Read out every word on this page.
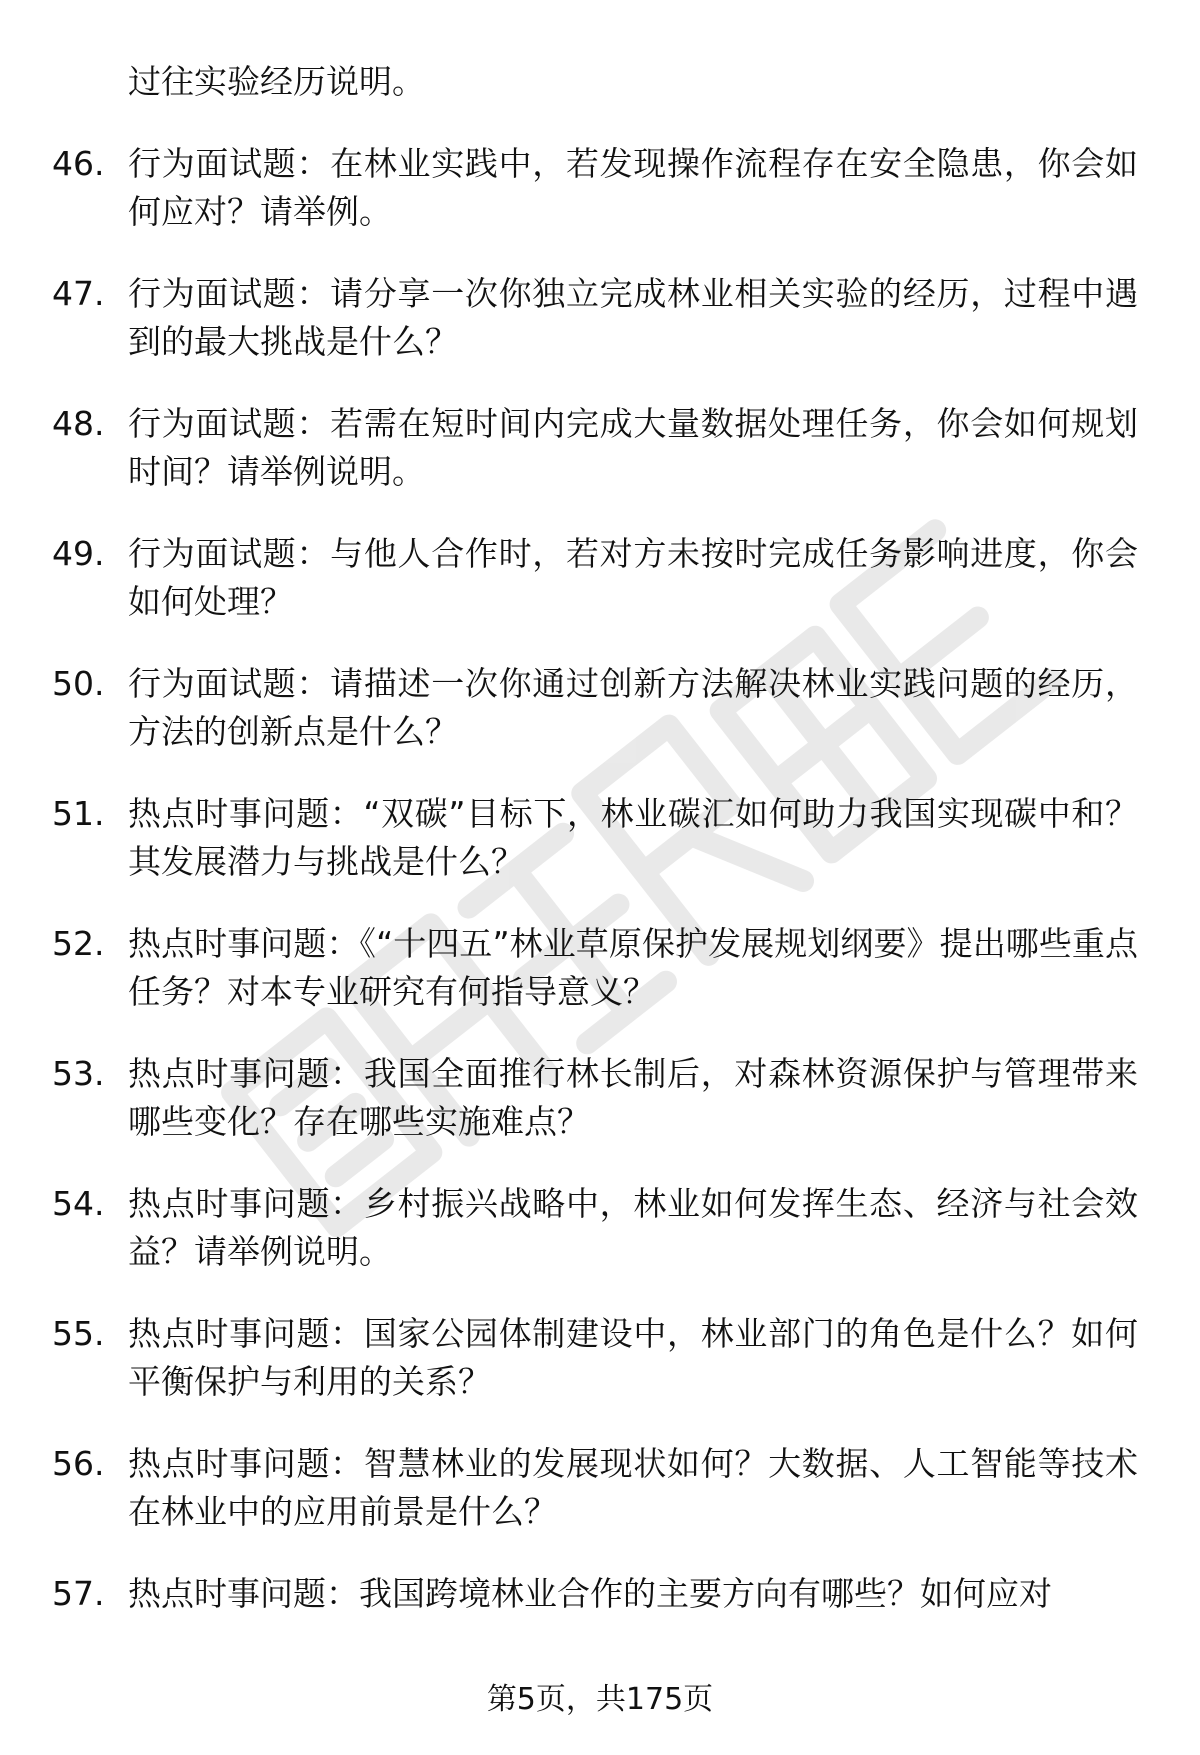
过往实验经历说明。
46. 行为面试题：在林业实践中，若发现操作流程存在安全隐患，你会如何应对？请举例。
47. 行为面试题：请分享一次你独立完成林业相关实验的经历，过程中遇到的最大挑战是什么？
48. 行为面试题：若需在短时间内完成大量数据处理任务，你会如何规划时间？请举例说明。
49. 行为面试题：与他人合作时，若对方未按时完成任务影响进度，你会如何处理？
50. 行为面试题：请描述一次你通过创新方法解决林业实践问题的经历，方法的创新点是什么？
51. 热点时事问题：“双碳”目标下，林业碳汇如何助力我国实现碳中和？其发展潜力与挑战是什么？
52. 热点时事问题：《“十四五”林业草原保护发展规划纲要》提出哪些重点任务？对本专业研究有何指导意义？
53. 热点时事问题：我国全面推行林长制后，对森林资源保护与管理带来哪些变化？存在哪些实施难点？
54. 热点时事问题：乡村振兴战略中，林业如何发挥生态、经济与社会效益？请举例说明。
55. 热点时事问题：国家公园体制建设中，林业部门的角色是什么？如何平衡保护与利用的关系？
56. 热点时事问题：智慧林业的发展现状如何？大数据、人工智能等技术在林业中的应用前景是什么？
57. 热点时事问题：我国跨境林业合作的主要方向有哪些？如何应对
第5页，共175页
